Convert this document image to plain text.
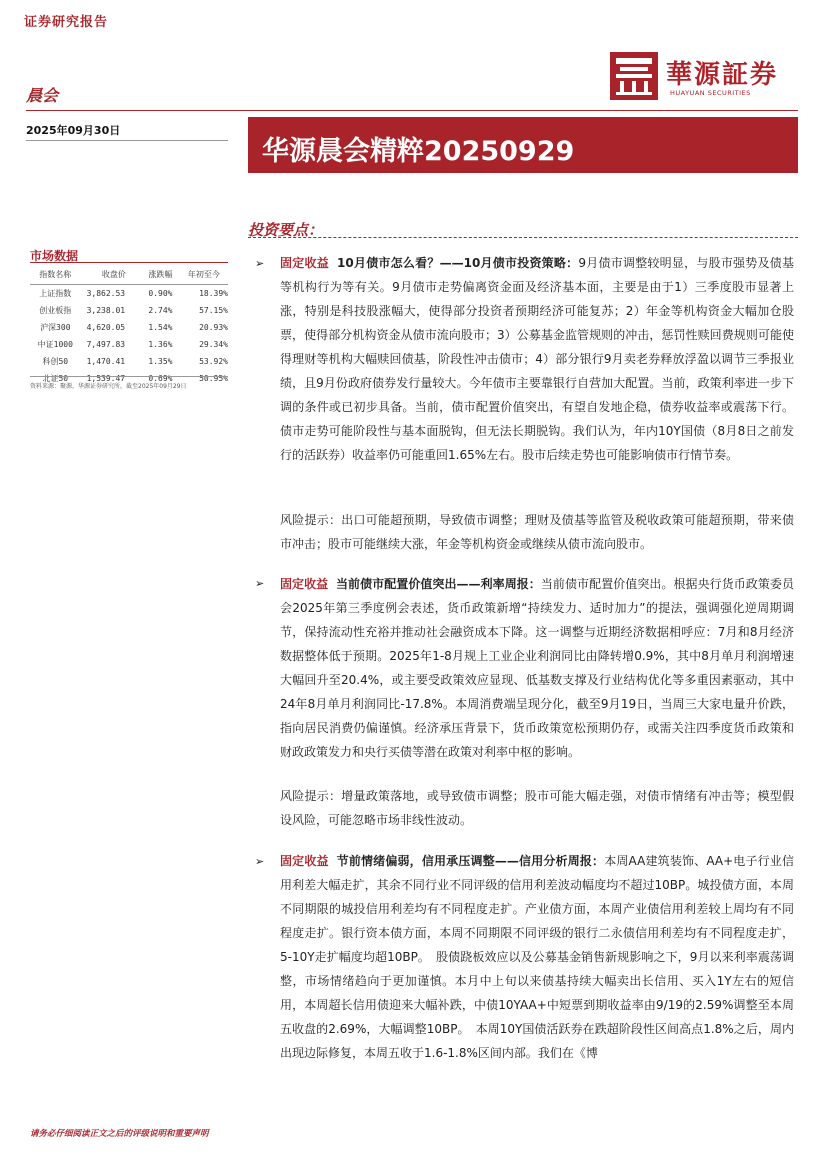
证券研究报告
晨会
2025年09月30日
華源証券
HUAYUAN SECURITIES
华源晨会精粹20250929
市场数据
指数名称	收盘价	涨跌幅	年初至今
上证指数	3,862.53	0.90%	18.39%
创业板指	3,238.01	2.74%	57.15%
沪深300	4,620.05	1.54%	20.93%
中证1000	7,497.83	1.36%	29.34%
科创50	1,470.41	1.35%	53.92%
北证50	1,539.47	0.69%	50.95%
资料来源：聚源，华源证券研究所，截至2025年09月29日
投资要点：
➢ 固定收益 10月债市怎么看？——10月债市投资策略：9月债市调整较明显，与股市强势及债基等机构行为等有关。9月债市走势偏离资金面及经济基本面，主要是由于1）三季度股市显著上涨，特别是科技股涨幅大，使得部分投资者预期经济可能复苏；2）年金等机构资金大幅加仓股票，使得部分机构资金从债市流向股市；3）公募基金监管规则的冲击，惩罚性赎回费规则可能使得理财等机构大幅赎回债基，阶段性冲击债市；4）部分银行9月卖老券释放浮盈以调节三季报业绩，且9月份政府债券发行量较大。今年债市主要靠银行自营加大配置。当前，政策利率进一步下调的条件或已初步具备。当前，债市配置价值突出，有望自发地企稳，债券收益率或震荡下行。债市走势可能阶段性与基本面脱钩，但无法长期脱钩。我们认为，年内10Y国债（8月8日之前发行的活跃券）收益率仍可能重回1.65%左右。股市后续走势也可能影响债市行情节奏。

风险提示：出口可能超预期，导致债市调整；理财及债基等监管及税收政策可能超预期，带来债市冲击；股市可能继续大涨，年金等机构资金或继续从债市流向股市。

➢ 固定收益 当前债市配置价值突出——利率周报：当前债市配置价值突出。根据央行货币政策委员会2025年第三季度例会表述，货币政策新增“持续发力、适时加力”的提法，强调强化逆周期调节，保持流动性充裕并推动社会融资成本下降。这一调整与近期经济数据相呼应：7月和8月经济数据整体低于预期。2025年1-8月规上工业企业利润同比由降转增0.9%，其中8月单月利润增速大幅回升至20.4%，或主要受政策效应显现、低基数支撑及行业结构优化等多重因素驱动，其中24年8月单月利润同比-17.8%。本周消费端呈现分化，截至9月19日，当周三大家电量升价跌，指向居民消费仍偏谨慎。经济承压背景下，货币政策宽松预期仍存，或需关注四季度货币政策和财政政策发力和央行买债等潜在政策对利率中枢的影响。

风险提示：增量政策落地，或导致债市调整；股市可能大幅走强，对债市情绪有冲击等；模型假设风险，可能忽略市场非线性波动。

➢ 固定收益 节前情绪偏弱，信用承压调整——信用分析周报：本周AA建筑装饰、AA+电子行业信用利差大幅走扩，其余不同行业不同评级的信用利差波动幅度均不超过10BP。城投债方面，本周不同期限的城投信用利差均有不同程度走扩。产业债方面，本周产业债信用利差较上周均有不同程度走扩。银行资本债方面，本周不同期限不同评级的银行二永债信用利差均有不同程度走扩，5-10Y走扩幅度均超10BP。　股债跷板效应以及公募基金销售新规影响之下，9月以来利率震荡调整，市场情绪趋向于更加谨慎。本月中上旬以来债基持续大幅卖出长信用、买入1Y左右的短信用，本周超长信用债迎来大幅补跌，中债10YAA+中短票到期收益率由9/19的2.59%调整至本周五收盘的2.69%，大幅调整10BP。　本周10Y国债活跃券在跌超阶段性区间高点1.8%之后，周内出现边际修复，本周五收于1.6-1.8%区间内部。我们在《博

请务必仔细阅读正文之后的评级说明和重要声明
